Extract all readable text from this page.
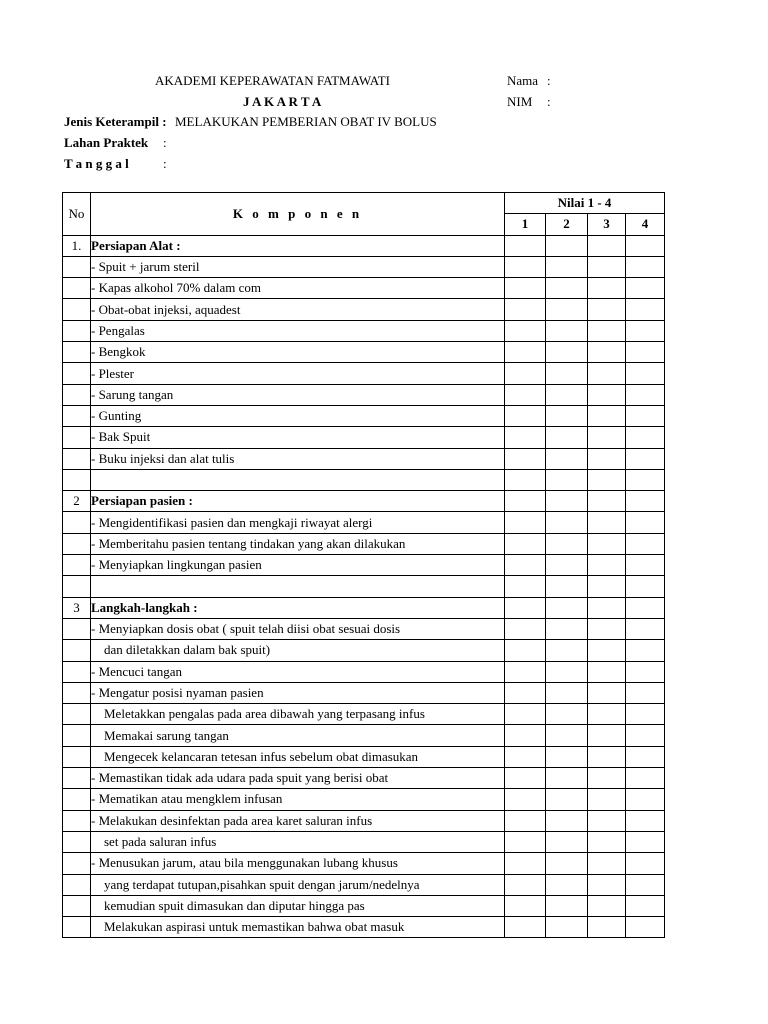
AKADEMI KEPERAWATAN FATMAWATI
J A K A R T A
Nama :
NIM :
Jenis Keterampil : MELAKUKAN PEMBERIAN OBAT IV BOLUS
Lahan Praktek :
T a n g g a l	:
No	K o m p o n e n	Nilai 1 - 4			
		1	2	3	4
1.	Persiapan Alat :				
	- Spuit + jarum steril				
	- Kapas alkohol 70% dalam com				
	- Obat-obat injeksi, aquadest				
	- Pengalas				
	- Bengkok				
	- Plester				
	- Sarung tangan				
	- Gunting				
	- Bak Spuit				
	- Buku injeksi dan alat tulis				

2	Persiapan pasien :				
	- Mengidentifikasi pasien dan mengkaji riwayat alergi				
	- Memberitahu pasien tentang tindakan yang akan dilakukan				
	- Menyiapkan lingkungan pasien				

3	Langkah-langkah :				
	- Menyiapkan dosis obat ( spuit telah diisi obat sesuai dosis				
	dan diletakkan dalam bak spuit)				
	- Mencuci tangan				
	- Mengatur posisi nyaman pasien				
	Meletakkan pengalas pada area dibawah yang terpasang infus				
	Memakai sarung tangan				
	Mengecek kelancaran tetesan infus sebelum obat dimasukan				
	- Memastikan tidak ada udara pada spuit yang berisi obat				
	- Mematikan atau mengklem infusan				
	- Melakukan desinfektan pada area karet saluran infus				
	set pada saluran infus				
	- Menusukan jarum, atau bila menggunakan lubang khusus				
	yang terdapat tutupan,pisahkan spuit dengan jarum/nedelnya				
	kemudian spuit dimasukan dan diputar hingga pas				
	Melakukan aspirasi untuk memastikan bahwa obat masuk				
